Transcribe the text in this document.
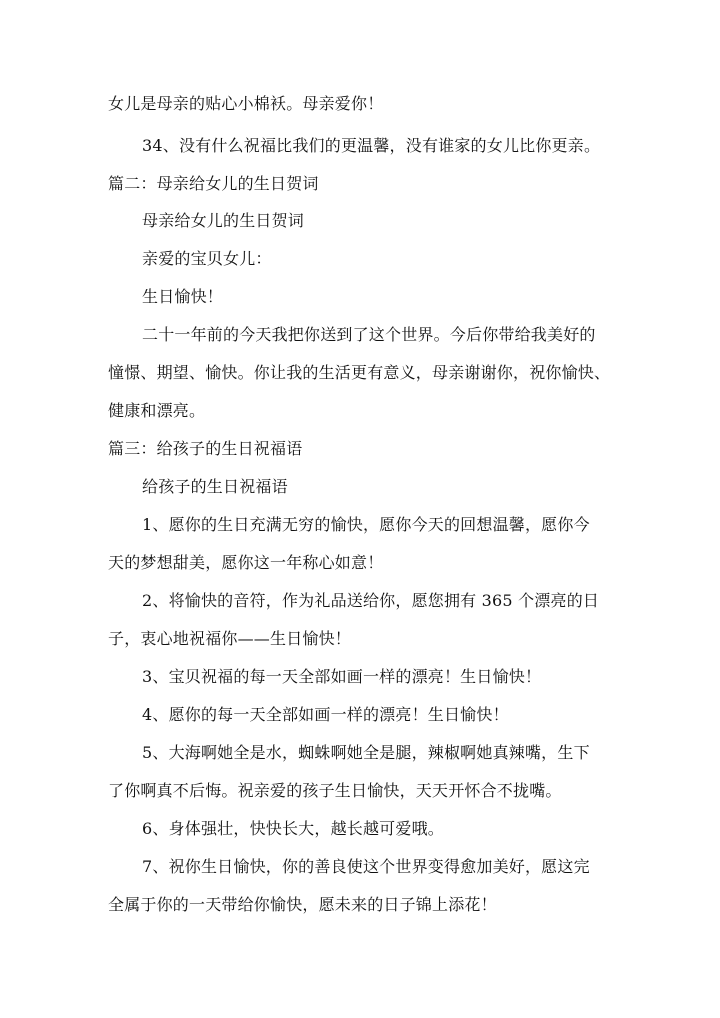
女儿是母亲的贴心小棉袄。母亲爱你！
34、没有什么祝福比我们的更温馨，没有谁家的女儿比你更亲。
篇二：母亲给女儿的生日贺词
母亲给女儿的生日贺词
亲爱的宝贝女儿：
生日愉快！
二十一年前的今天我把你送到了这个世界。今后你带给我美好的
憧憬、期望、愉快。你让我的生活更有意义，母亲谢谢你，祝你愉快、
健康和漂亮。
篇三：给孩子的生日祝福语
给孩子的生日祝福语
1、愿你的生日充满无穷的愉快，愿你今天的回想温馨，愿你今
天的梦想甜美，愿你这一年称心如意！
2、将愉快的音符，作为礼品送给你，愿您拥有 365 个漂亮的日
子，衷心地祝福你——生日愉快！
3、宝贝祝福的每一天全部如画一样的漂亮！生日愉快！
4、愿你的每一天全部如画一样的漂亮！生日愉快！
5、大海啊她全是水，蜘蛛啊她全是腿，辣椒啊她真辣嘴，生下
了你啊真不后悔。祝亲爱的孩子生日愉快，天天开怀合不拢嘴。
6、身体强壮，快快长大，越长越可爱哦。
7、祝你生日愉快，你的善良使这个世界变得愈加美好，愿这完
全属于你的一天带给你愉快，愿未来的日子锦上添花！
